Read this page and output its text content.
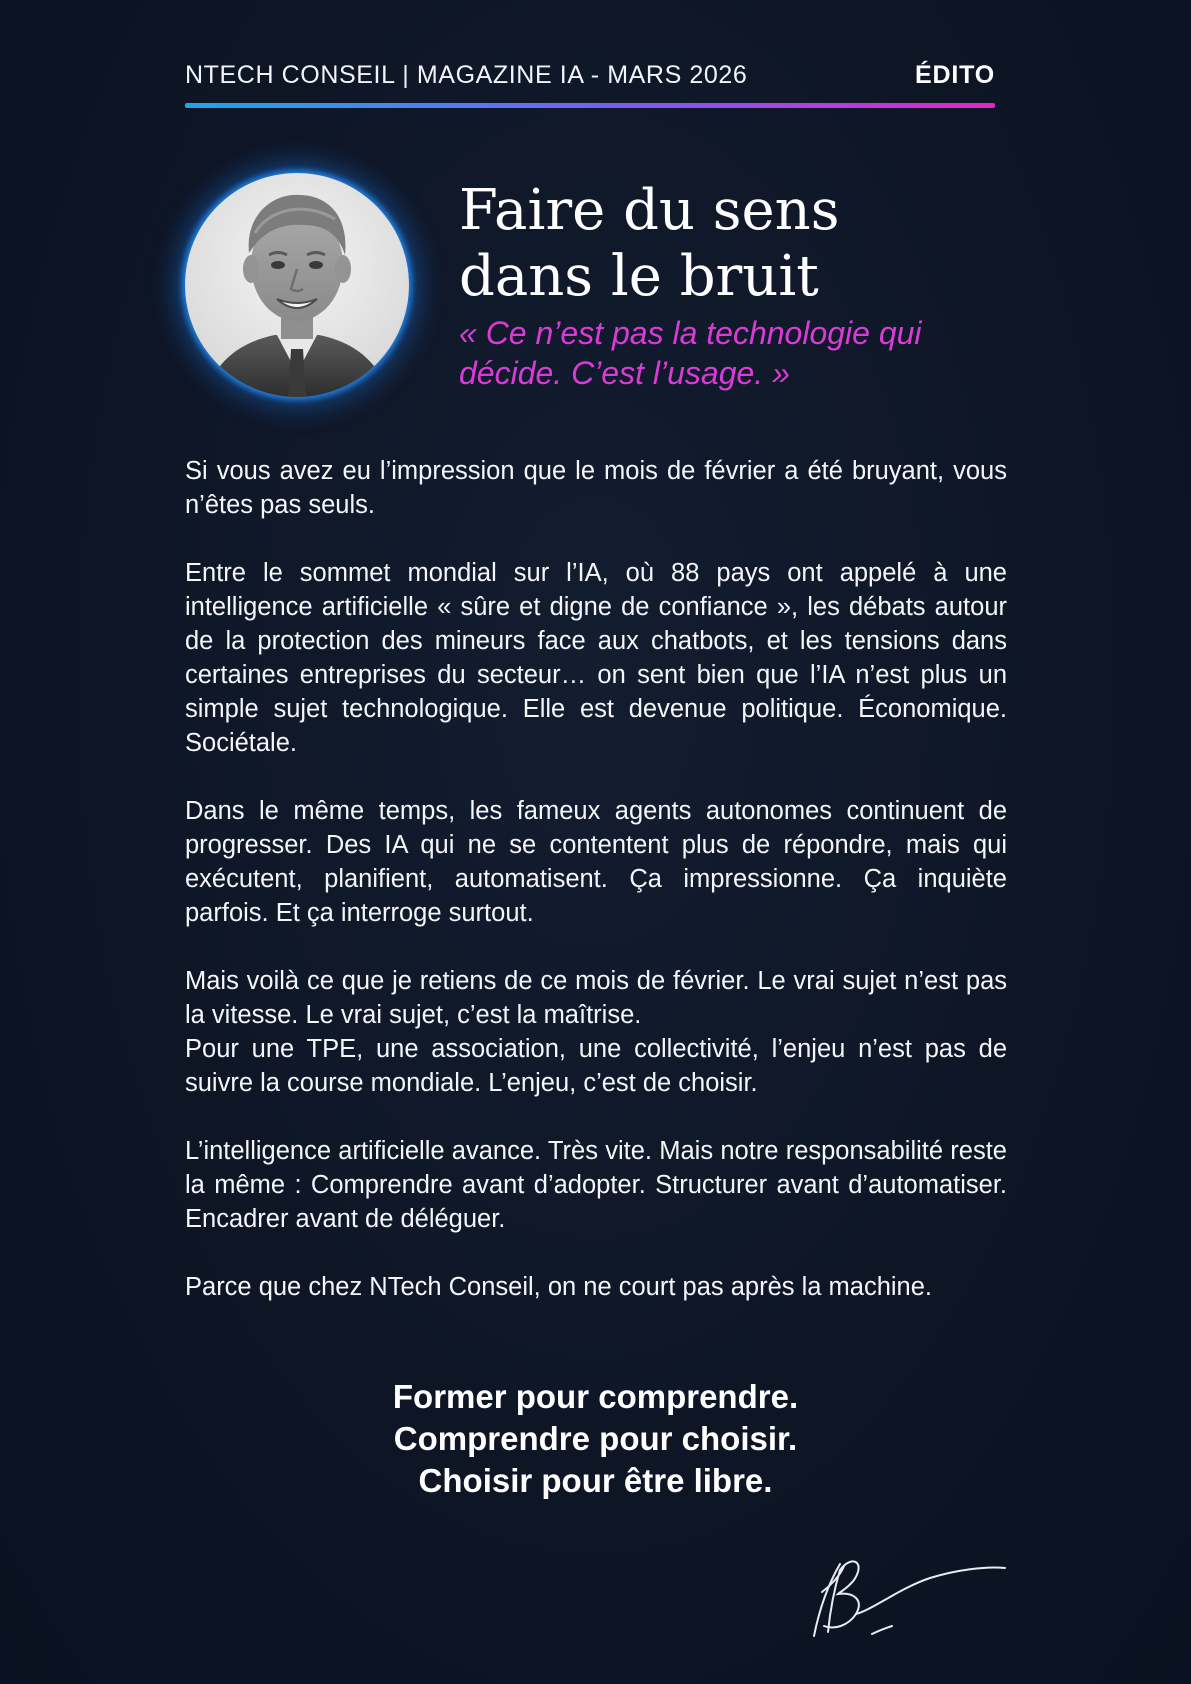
NTECH CONSEIL | MAGAZINE IA - MARS 2026	ÉDITO
Faire du sens
dans le bruit
« Ce n’est pas la technologie qui
décide. C’est l’usage. »

Si vous avez eu l’impression que le mois de février a été bruyant, vous n’êtes pas seuls.

Entre le sommet mondial sur l’IA, où 88 pays ont appelé à une intelligence artificielle « sûre et digne de confiance », les débats autour de la protection des mineurs face aux chatbots, et les tensions dans certaines entreprises du secteur… on sent bien que l’IA n’est plus un simple sujet technologique. Elle est devenue politique. Économique. Sociétale.

Dans le même temps, les fameux agents autonomes continuent de progresser. Des IA qui ne se contentent plus de répondre, mais qui exécutent, planifient, automatisent. Ça impressionne. Ça inquiète parfois. Et ça interroge surtout.

Mais voilà ce que je retiens de ce mois de février. Le vrai sujet n’est pas la vitesse. Le vrai sujet, c’est la maîtrise.

Pour une TPE, une association, une collectivité, l’enjeu n’est pas de suivre la course mondiale. L’enjeu, c’est de choisir.

L’intelligence artificielle avance. Très vite. Mais notre responsabilité reste la même : Comprendre avant d’adopter. Structurer avant d’automatiser. Encadrer avant de déléguer.

Parce que chez NTech Conseil, on ne court pas après la machine.

Former pour comprendre.
Comprendre pour choisir.
Choisir pour être libre.
